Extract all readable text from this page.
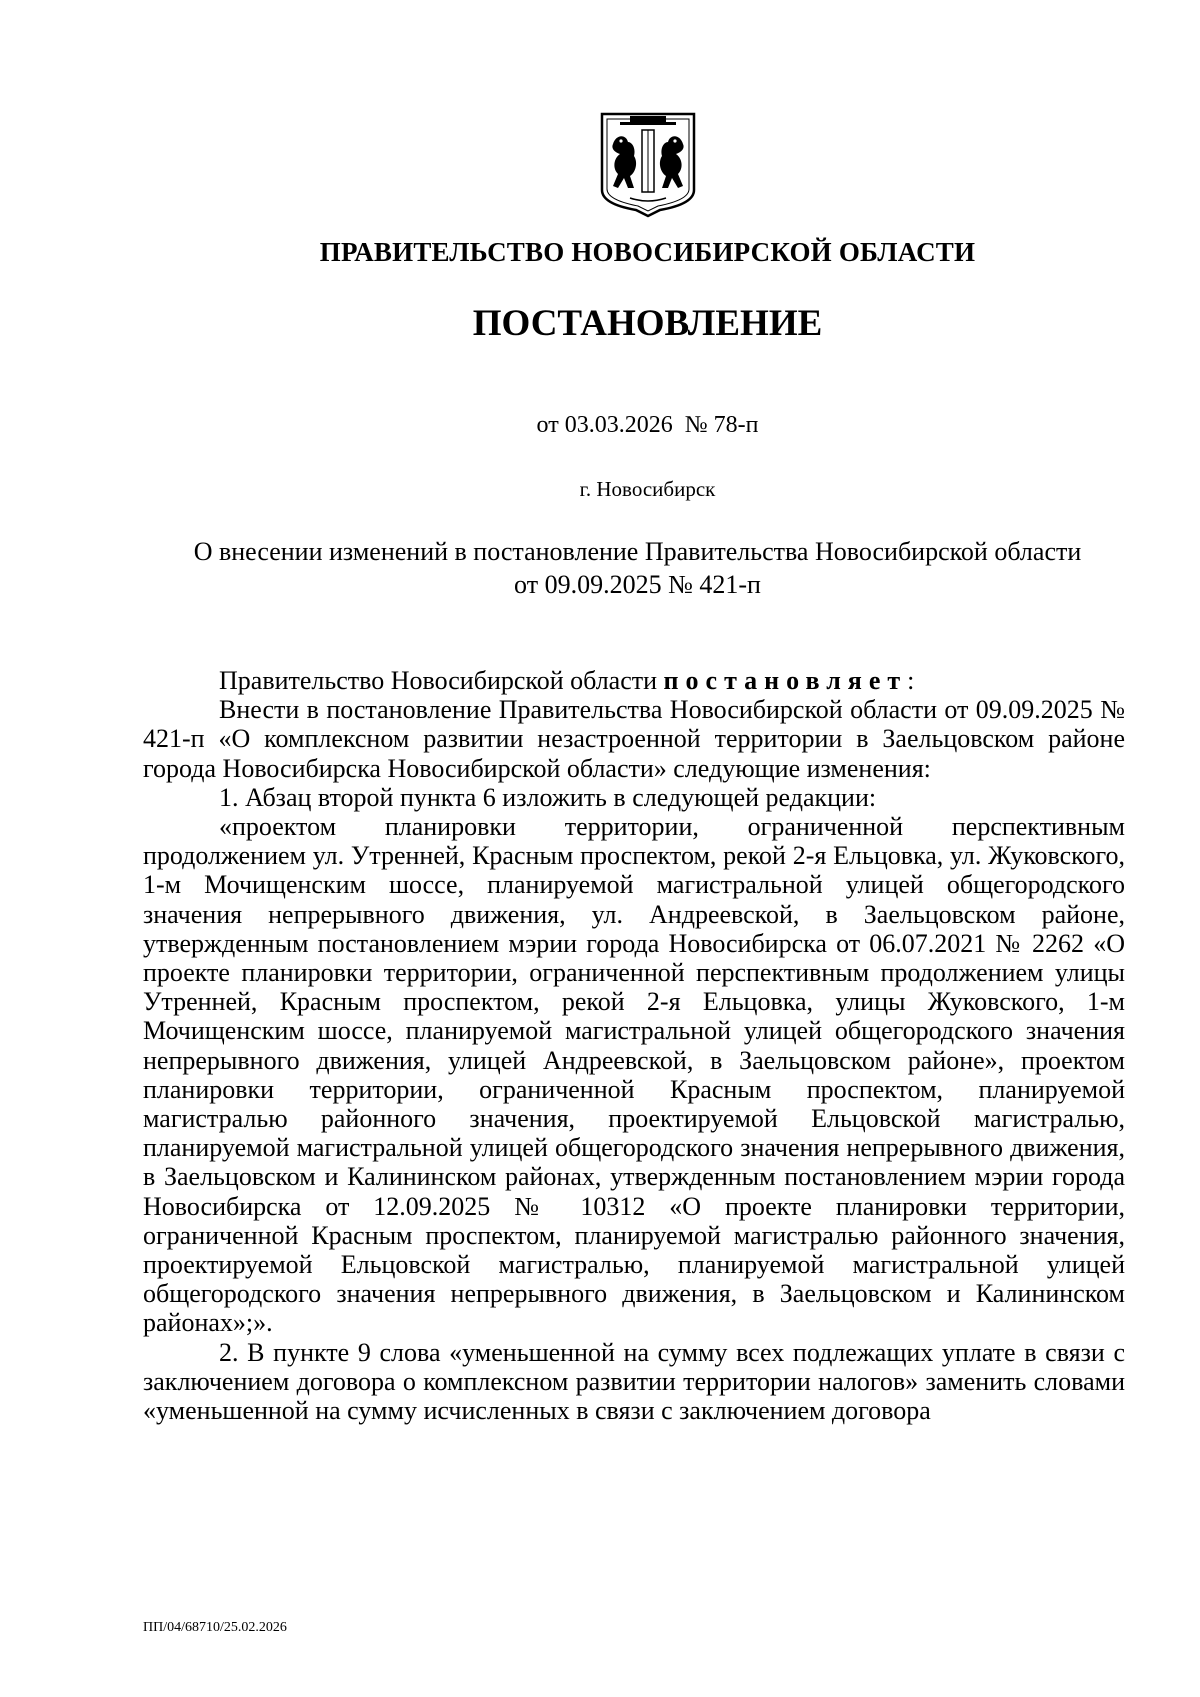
ПРАВИТЕЛЬСТВО НОВОСИБИРСКОЙ ОБЛАСТИ
ПОСТАНОВЛЕНИЕ
от 03.03.2026  № 78-п
г. Новосибирск
О внесении изменений в постановление Правительства Новосибирской области
от 09.09.2025 № 421-п

Правительство Новосибирской области постановляет:

Внести в постановление Правительства Новосибирской области от 09.09.2025 № 421-п «О комплексном развитии незастроенной территории в Заельцовском районе города Новосибирска Новосибирской области» следующие изменения:

1. Абзац второй пункта 6 изложить в следующей редакции:

«проектом планировки территории, ограниченной перспективным продолжением ул. Утренней, Красным проспектом, рекой 2-я Ельцовка, ул. Жуковского, 1-м Мочищенским шоссе, планируемой магистральной улицей общегородского значения непрерывного движения, ул. Андреевской, в Заельцовском районе, утвержденным постановлением мэрии города Новосибирска от 06.07.2021 № 2262 «О проекте планировки территории, ограниченной перспективным продолжением улицы Утренней, Красным проспектом, рекой 2-я Ельцовка, улицы Жуковского, 1-м Мочищенским шоссе, планируемой магистральной улицей общегородского значения непрерывного движения, улицей Андреевской, в Заельцовском районе», проектом планировки территории, ограниченной Красным проспектом, планируемой магистралью районного значения, проектируемой Ельцовской магистралью, планируемой магистральной улицей общегородского значения непрерывного движения, в Заельцовском и Калининском районах, утвержденным постановлением мэрии города Новосибирска от 12.09.2025 № 10312 «О проекте планировки территории, ограниченной Красным проспектом, планируемой магистралью районного значения, проектируемой Ельцовской магистралью, планируемой магистральной улицей общегородского значения непрерывного движения, в Заельцовском и Калининском районах»;».

2. В пункте 9 слова «уменьшенной на сумму всех подлежащих уплате в связи с заключением договора о комплексном развитии территории налогов» заменить словами «уменьшенной на сумму исчисленных в связи с заключением договора

ПП/04/68710/25.02.2026
